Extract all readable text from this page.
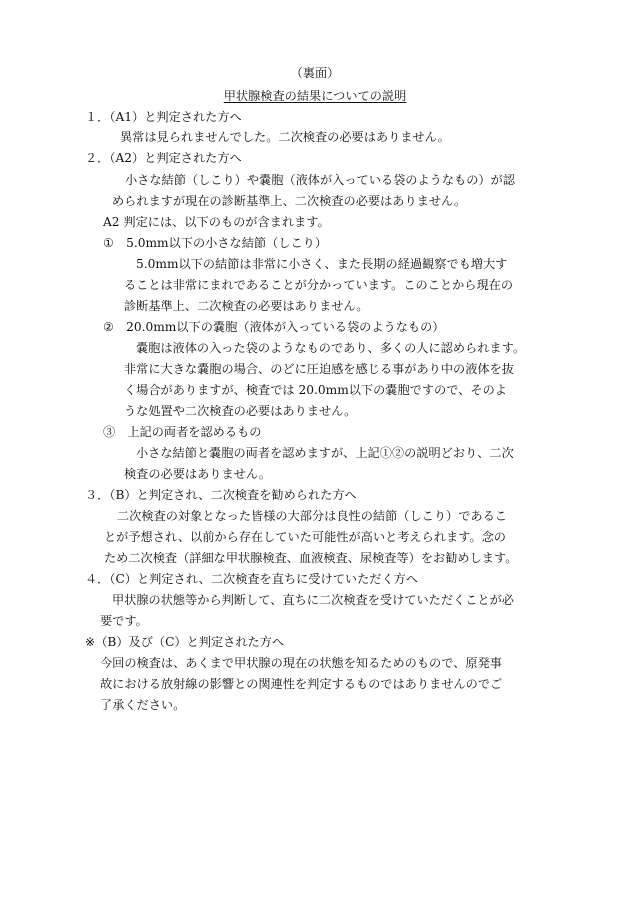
（裏面）
甲状腺検査の結果についての説明
１．（A1）と判定された方へ
異常は見られませんでした。二次検査の必要はありません。
２．（A2）と判定された方へ
小さな結節（しこり）や嚢胞（液体が入っている袋のようなもの）が認
められますが現在の診断基準上、二次検査の必要はありません。
A2 判定には、以下のものが含まれます。
①　5.0mm以下の小さな結節（しこり）
5.0mm以下の結節は非常に小さく、また長期の経過観察でも増大す
ることは非常にまれであることが分かっています。このことから現在の
診断基準上、二次検査の必要はありません。
②　20.0mm以下の嚢胞（液体が入っている袋のようなもの）
嚢胞は液体の入った袋のようなものであり、多くの人に認められます。
非常に大きな嚢胞の場合、のどに圧迫感を感じる事があり中の液体を抜
く場合がありますが、検査では 20.0mm以下の嚢胞ですので、そのよ
うな処置や二次検査の必要はありません。
③　上記の両者を認めるもの
小さな結節と嚢胞の両者を認めますが、上記①②の説明どおり、二次
検査の必要はありません。
３．（B）と判定され、二次検査を勧められた方へ
二次検査の対象となった皆様の大部分は良性の結節（しこり）であるこ
とが予想され、以前から存在していた可能性が高いと考えられます。念の
ため二次検査（詳細な甲状腺検査、血液検査、尿検査等）をお勧めします。
４．（C）と判定され、二次検査を直ちに受けていただく方へ
甲状腺の状態等から判断して、直ちに二次検査を受けていただくことが必
要です。
※（B）及び（C）と判定された方へ
今回の検査は、あくまで甲状腺の現在の状態を知るためのもので、原発事
故における放射線の影響との関連性を判定するものではありませんのでご
了承ください。
